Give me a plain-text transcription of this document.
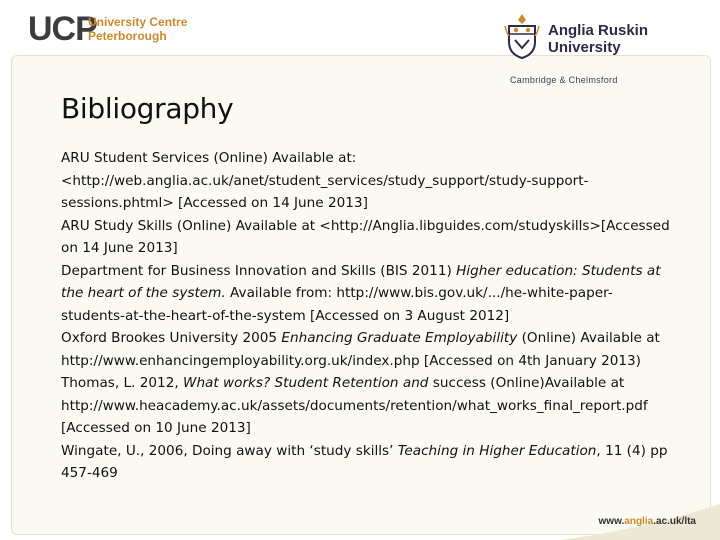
UCP
University Centre
Peterborough	Anglia Ruskin
University
Cambridge & Chelmsford
Bibliography

ARU Student Services (Online) Available at: <http://web.anglia.ac.uk/anet/student_services/study_support/study-support-sessions.phtml> [Accessed on 14 June 2013]

ARU Study Skills (Online) Available at <http://Anglia.libguides.com/studyskills>[Accessed on 14 June 2013]

Department for Business Innovation and Skills (BIS 2011) Higher education: Students at the heart of the system. Available from: http://www.bis.gov.uk/.../he-white-paper-students-at-the-heart-of-the-system [Accessed on 3 August 2012]

Oxford Brookes University 2005 Enhancing Graduate Employability (Online) Available at http://www.enhancingemployability.org.uk/index.php [Accessed on 4th January 2013)

Thomas, L. 2012, What works? Student Retention and success (Online)Available at http://www.heacademy.ac.uk/assets/documents/retention/what_works_final_report.pdf [Accessed on 10 June 2013]

Wingate, U., 2006, Doing away with ‘study skills’ Teaching in Higher Education, 11 (4) pp 457-469

www.anglia.ac.uk/lta
